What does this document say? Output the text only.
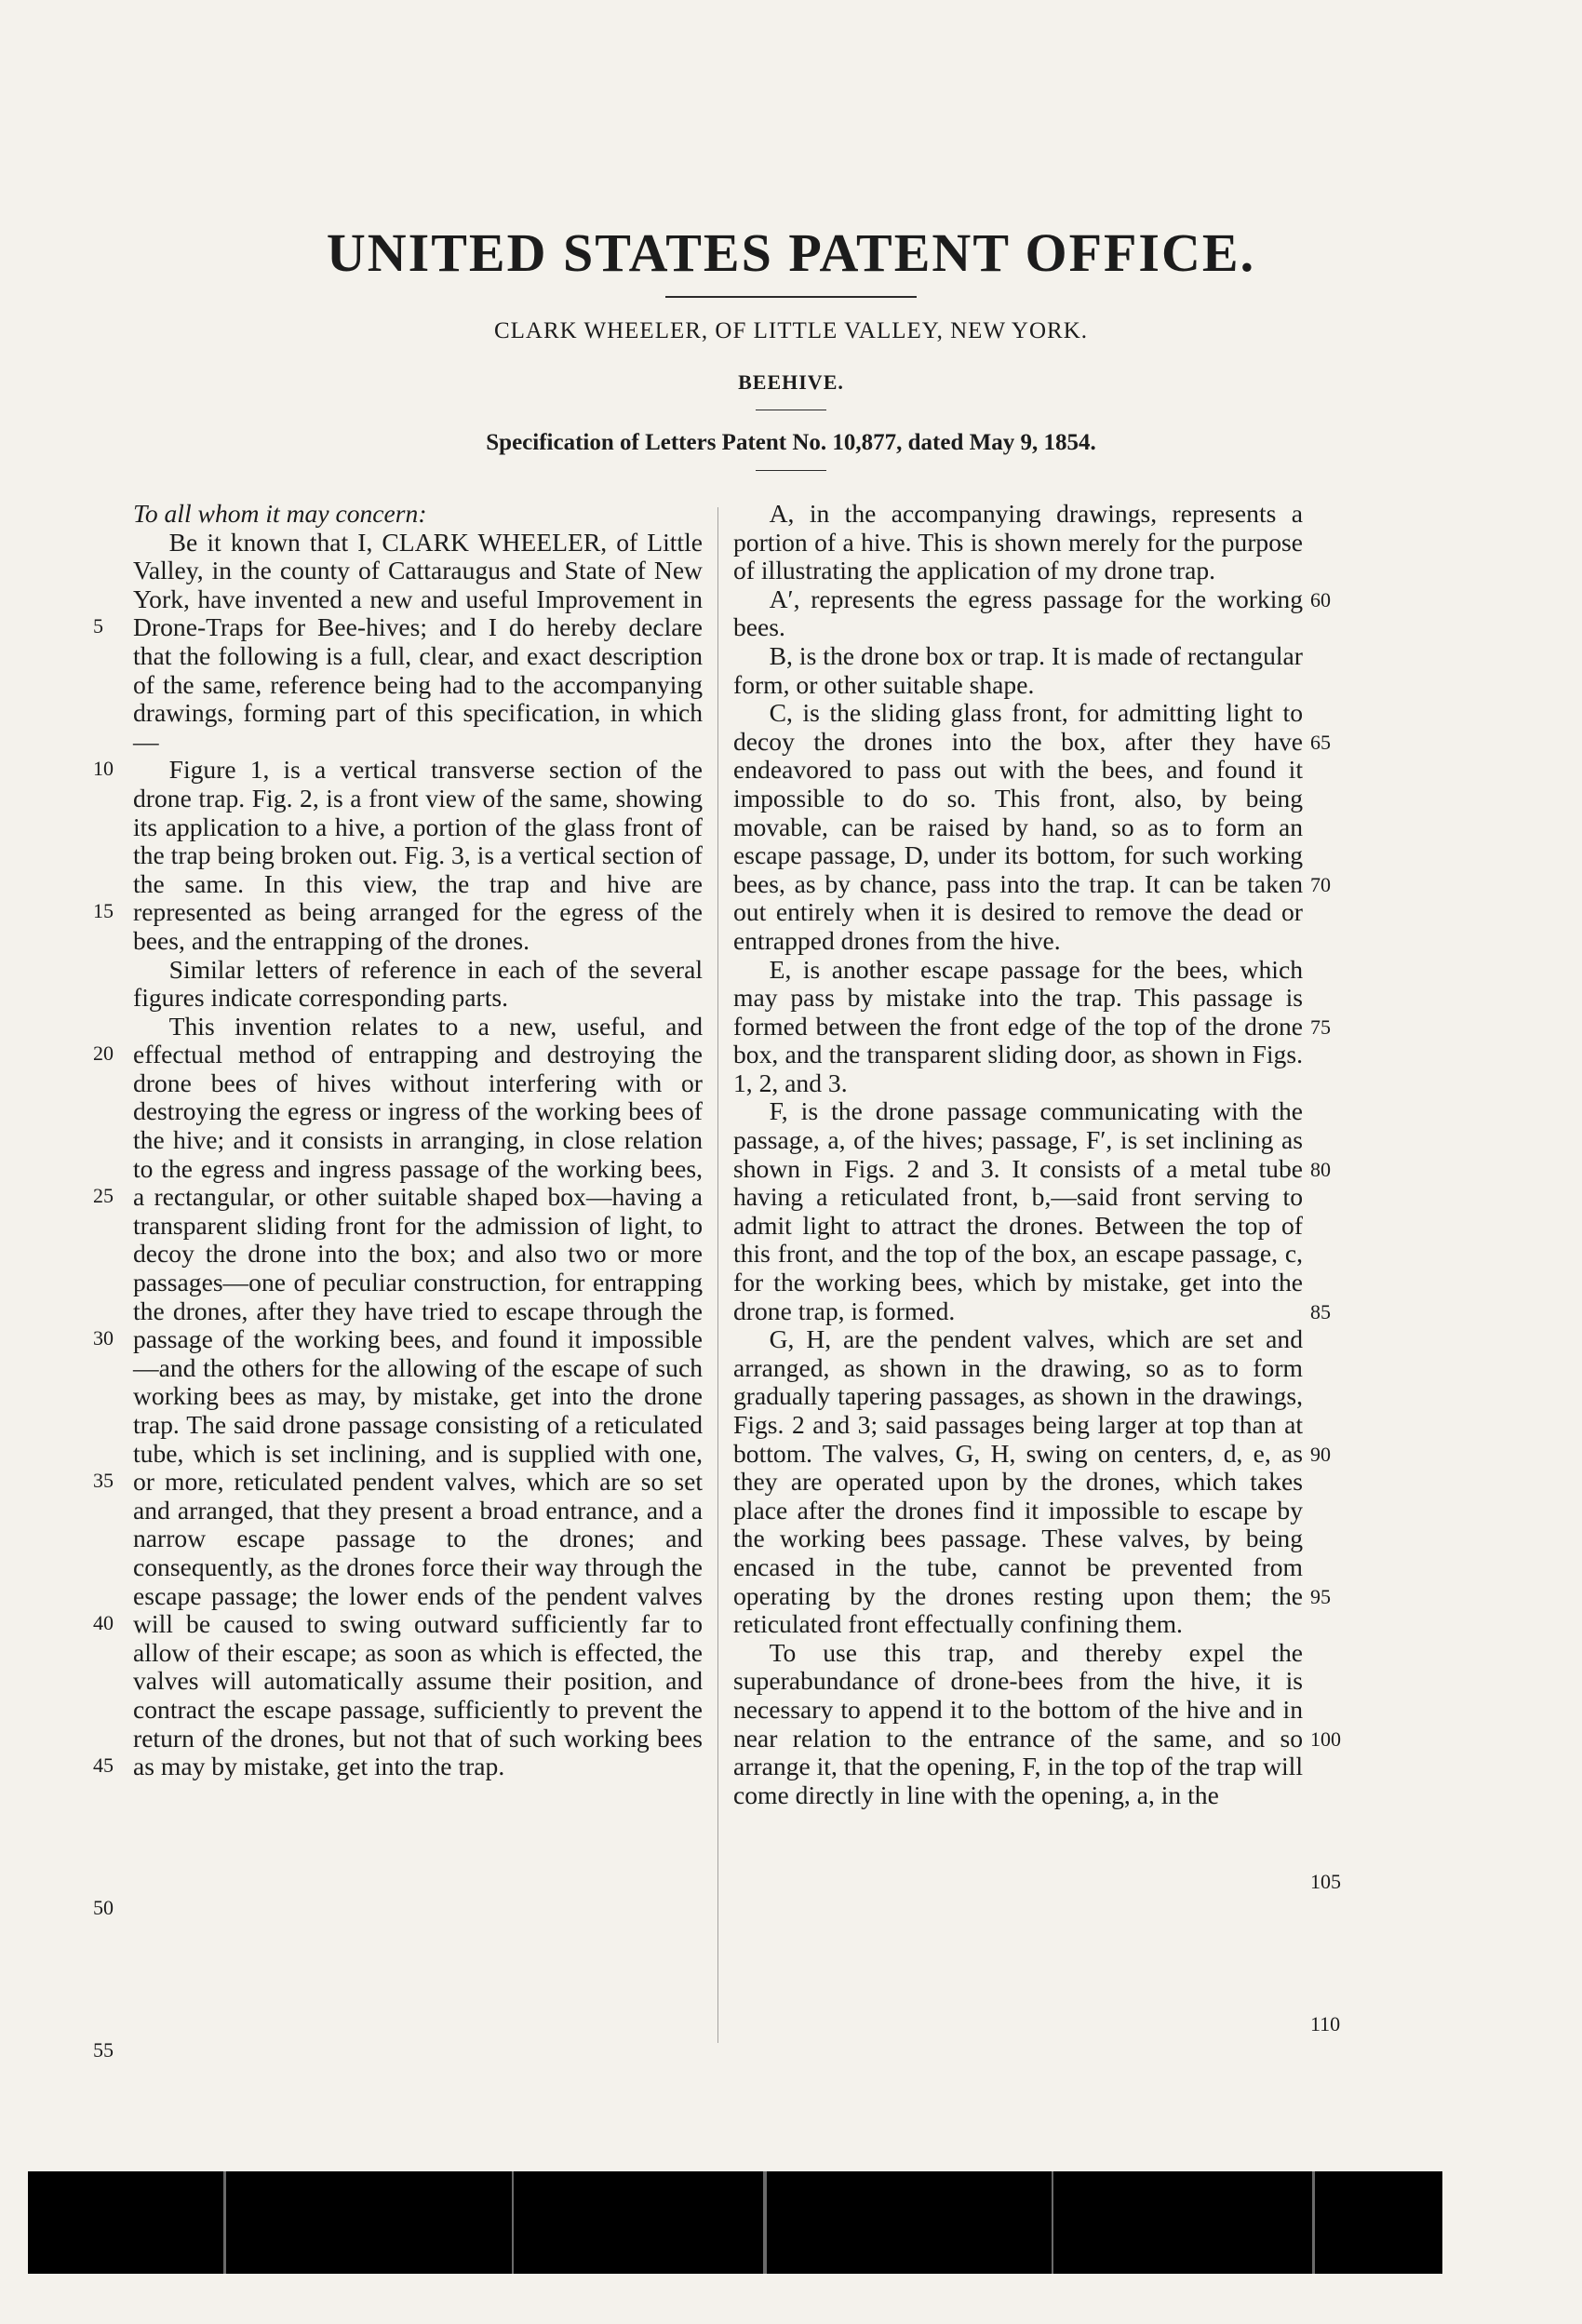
UNITED STATES PATENT OFFICE.
CLARK WHEELER, OF LITTLE VALLEY, NEW YORK.
BEEHIVE.
Specification of Letters Patent No. 10,877, dated May 9, 1854.

To all whom it may concern:

Be it known that I, CLARK WHEELER, of Little Valley, in the county of Cattaraugus and State of New York, have invented a new and useful Improvement in Drone-Traps for Bee-hives; and I do hereby declare that the following is a full, clear, and exact description of the same, reference being had to the accompanying drawings, forming part of this specification, in which—

Figure 1, is a vertical transverse section of the drone trap. Fig. 2, is a front view of the same, showing its application to a hive, a portion of the glass front of the trap being broken out. Fig. 3, is a vertical section of the same. In this view, the trap and hive are represented as being arranged for the egress of the bees, and the entrapping of the drones.

Similar letters of reference in each of the several figures indicate corresponding parts.

This invention relates to a new, useful, and effectual method of entrapping and destroying the drone bees of hives without interfering with or destroying the egress or ingress of the working bees of the hive; and it consists in arranging, in close relation to the egress and ingress passage of the working bees, a rectangular, or other suitable shaped box—having a transparent sliding front for the admission of light, to decoy the drone into the box; and also two or more passages—one of peculiar construction, for entrapping the drones, after they have tried to escape through the passage of the working bees, and found it impossible—and the others for the allowing of the escape of such working bees as may, by mistake, get into the drone trap. The said drone passage consisting of a reticulated tube, which is set inclining, and is supplied with one, or more, reticulated pendent valves, which are so set and arranged, that they present a broad entrance, and a narrow escape passage to the drones; and consequently, as the drones force their way through the escape passage; the lower ends of the pendent valves will be caused to swing outward sufficiently far to allow of their escape; as soon as which is effected, the valves will automatically assume their position, and contract the escape passage, sufficiently to prevent the return of the drones, but not that of such working bees as may by mistake, get into the trap.

A, in the accompanying drawings, represents a portion of a hive. This is shown merely for the purpose of illustrating the application of my drone trap.

A′, represents the egress passage for the working bees.

B, is the drone box or trap. It is made of rectangular form, or other suitable shape.

C, is the sliding glass front, for admitting light to decoy the drones into the box, after they have endeavored to pass out with the bees, and found it impossible to do so. This front, also, by being movable, can be raised by hand, so as to form an escape passage, D, under its bottom, for such working bees, as by chance, pass into the trap. It can be taken out entirely when it is desired to remove the dead or entrapped drones from the hive.

E, is another escape passage for the bees, which may pass by mistake into the trap. This passage is formed between the front edge of the top of the drone box, and the transparent sliding door, as shown in Figs. 1, 2, and 3.

F, is the drone passage communicating with the passage, a, of the hives; passage, F′, is set inclining as shown in Figs. 2 and 3. It consists of a metal tube having a reticulated front, b,—said front serving to admit light to attract the drones. Between the top of this front, and the top of the box, an escape passage, c, for the working bees, which by mistake, get into the drone trap, is formed.

G, H, are the pendent valves, which are set and arranged, as shown in the drawing, so as to form gradually tapering passages, as shown in the drawings, Figs. 2 and 3; said passages being larger at top than at bottom. The valves, G, H, swing on centers, d, e, as they are operated upon by the drones, which takes place after the drones find it impossible to escape by the working bees passage. These valves, by being encased in the tube, cannot be prevented from operating by the drones resting upon them; the reticulated front effectually confining them.

To use this trap, and thereby expel the superabundance of drone-bees from the hive, it is necessary to append it to the bottom of the hive and in near relation to the entrance of the same, and so arrange it, that the opening, F, in the top of the trap will come directly in line with the opening, a, in the

5
10
15
20
25
30
35
40
45
50
55
60
65
70
75
80
85
90
95
100
105
110
